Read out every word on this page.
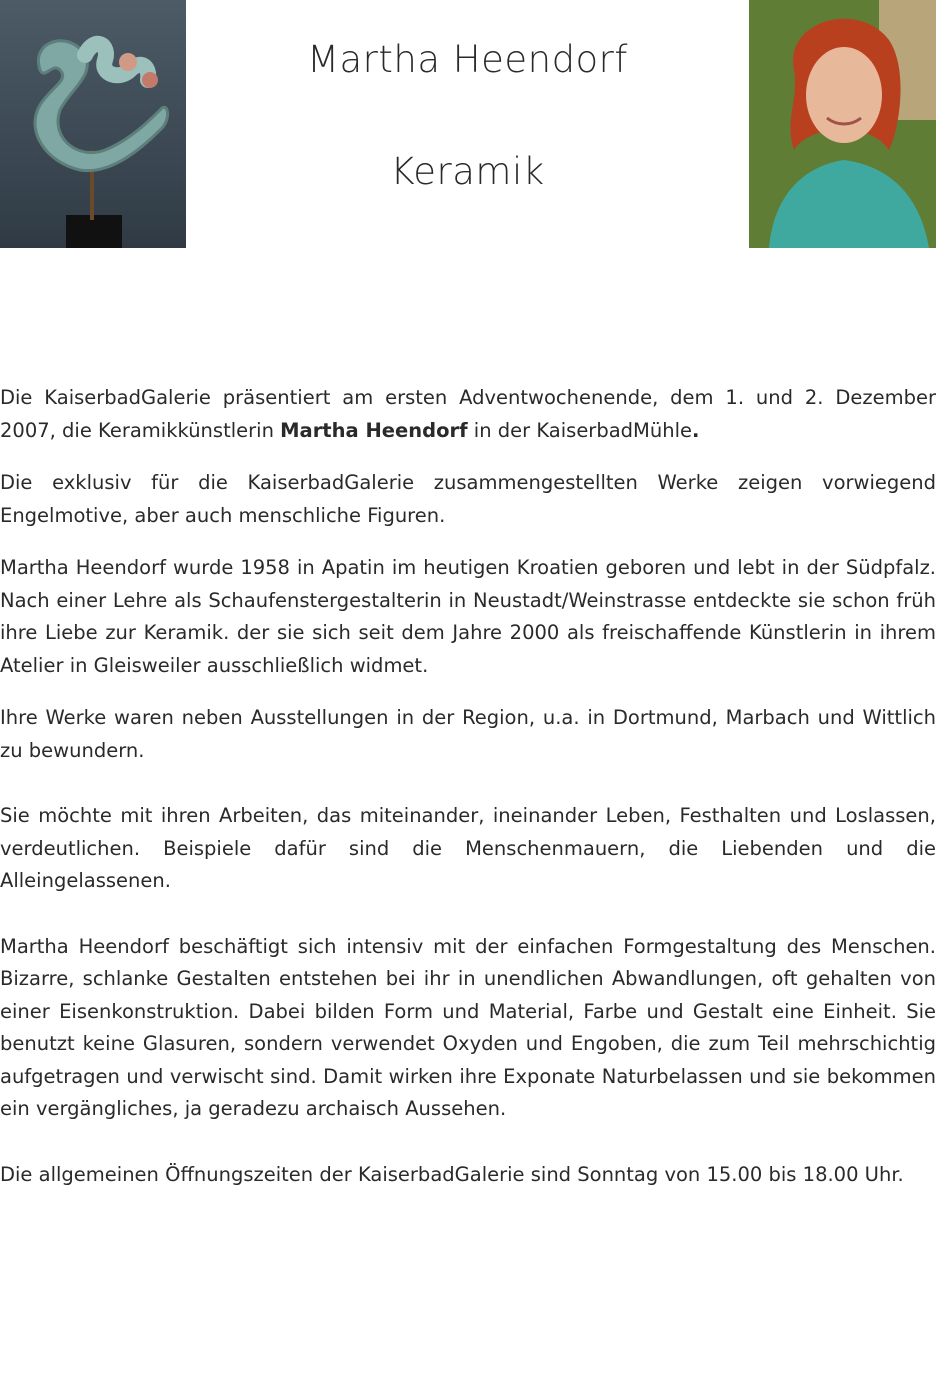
Martha Heendorf
Keramik

Die KaiserbadGalerie präsentiert am ersten Adventwochenende, dem 1. und 2. Dezember 2007, die Keramikkünstlerin Martha Heendorf in der KaiserbadMühle.

Die exklusiv für die KaiserbadGalerie zusammengestellten Werke zeigen vorwiegend Engelmotive, aber auch menschliche Figuren.

Martha Heendorf wurde 1958 in Apatin im heutigen Kroatien geboren und lebt in der Südpfalz. Nach einer Lehre als Schaufenstergestalterin in Neustadt/Weinstrasse entdeckte sie schon früh ihre Liebe zur Keramik. der sie sich seit dem Jahre 2000 als freischaffende Künstlerin in ihrem Atelier in Gleisweiler ausschließlich widmet.

Ihre Werke waren neben Ausstellungen in der Region, u.a. in Dortmund, Marbach und Wittlich zu bewundern.

Sie möchte mit ihren Arbeiten, das miteinander, ineinander Leben, Festhalten und Loslassen, verdeutlichen. Beispiele dafür sind die Menschenmauern, die Liebenden und die Alleingelassenen.

Martha Heendorf beschäftigt sich intensiv mit der einfachen Formgestaltung des Menschen. Bizarre, schlanke Gestalten entstehen bei ihr in unendlichen Abwandlungen, oft gehalten von einer Eisenkonstruktion. Dabei bilden Form und Material, Farbe und Gestalt eine Einheit. Sie benutzt keine Glasuren, sondern verwendet Oxyden und Engoben, die zum Teil mehrschichtig aufgetragen und verwischt sind. Damit wirken ihre Exponate Naturbelassen und sie bekommen ein vergängliches, ja geradezu archaisch Aussehen.

Die allgemeinen Öffnungszeiten der KaiserbadGalerie sind Sonntag von 15.00 bis 18.00 Uhr.
